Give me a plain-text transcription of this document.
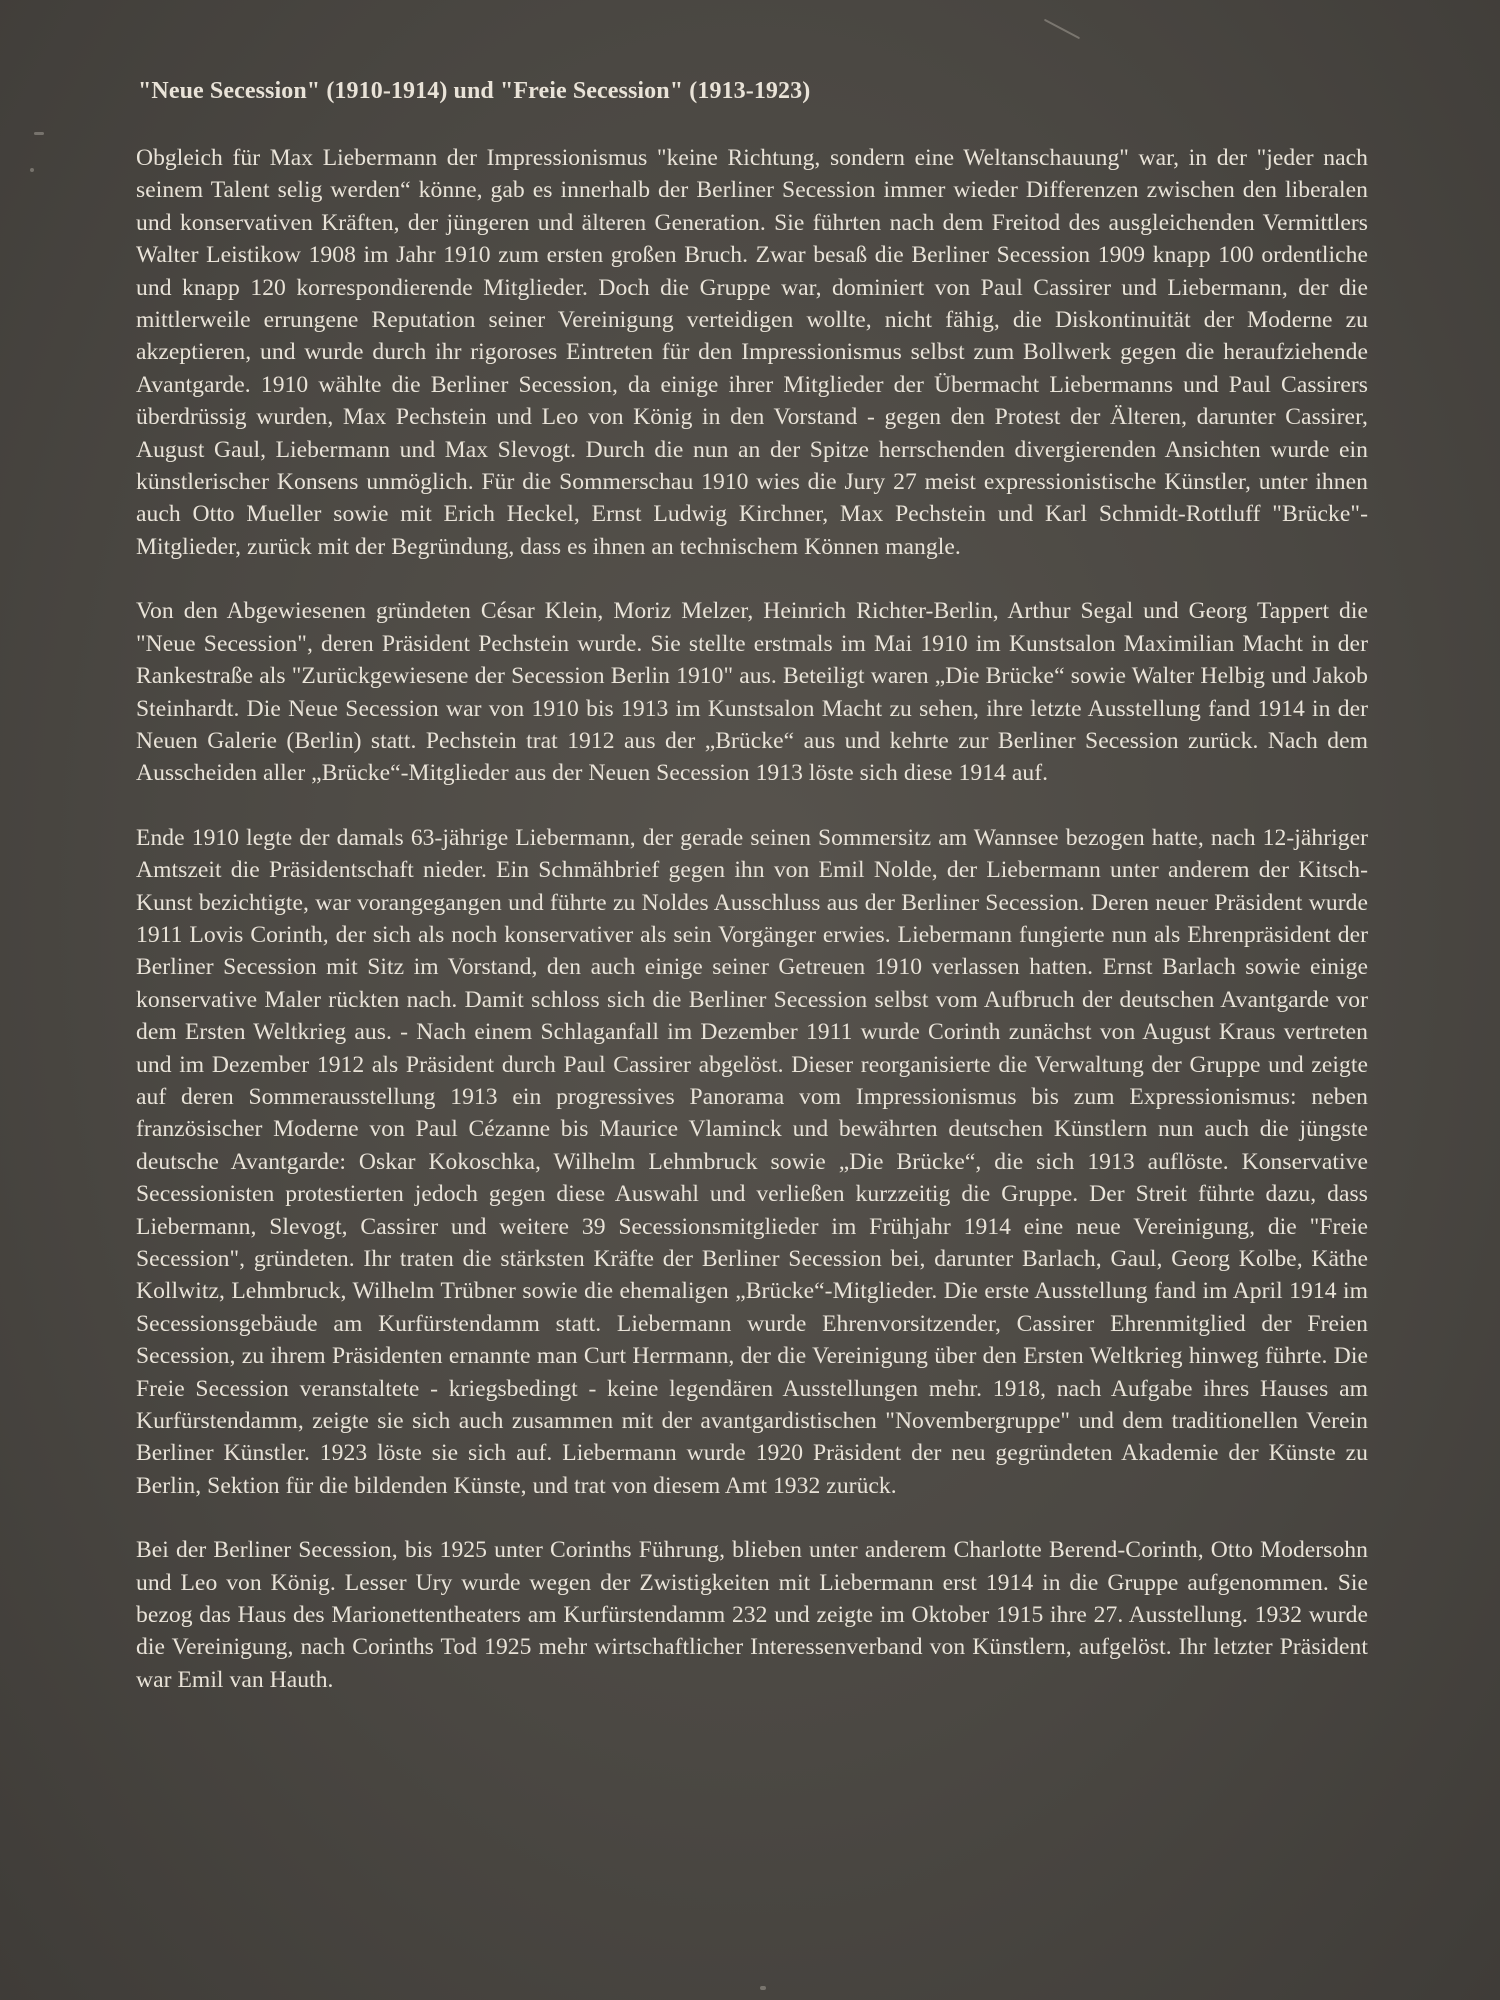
"Neue Secession" (1910-1914) und "Freie Secession" (1913-1923)

Obgleich für Max Liebermann der Impressionismus "keine Richtung, sondern eine Weltanschauung" war, in der "jeder nach seinem Talent selig werden“ könne, gab es innerhalb der Berliner Secession immer wieder Differenzen zwischen den liberalen und konservativen Kräften, der jüngeren und älteren Generation. Sie führten nach dem Freitod des ausgleichenden Vermittlers Walter Leistikow 1908 im Jahr 1910 zum ersten großen Bruch. Zwar besaß die Berliner Secession 1909 knapp 100 ordentliche und knapp 120 korrespondierende Mitglieder. Doch die Gruppe war, dominiert von Paul Cassirer und Liebermann, der die mittlerweile errungene Reputation seiner Vereinigung verteidigen wollte, nicht fähig, die Diskontinuität der Moderne zu akzeptieren, und wurde durch ihr rigoroses Eintreten für den Impressionismus selbst zum Bollwerk gegen die heraufziehende Avantgarde. 1910 wählte die Berliner Secession, da einige ihrer Mitglieder der Übermacht Liebermanns und Paul Cassirers überdrüssig wurden, Max Pechstein und Leo von König in den Vorstand - gegen den Protest der Älteren, darunter Cassirer, August Gaul, Liebermann und Max Slevogt. Durch die nun an der Spitze herrschenden divergierenden Ansichten wurde ein künstlerischer Konsens unmöglich. Für die Sommerschau 1910 wies die Jury 27 meist expressionistische Künstler, unter ihnen auch Otto Mueller sowie mit Erich Heckel, Ernst Ludwig Kirchner, Max Pechstein und Karl Schmidt-Rottluff "Brücke"-Mitglieder, zurück mit der Begründung, dass es ihnen an technischem Können mangle.

Von den Abgewiesenen gründeten César Klein, Moriz Melzer, Heinrich Richter-Berlin, Arthur Segal und Georg Tappert die "Neue Secession", deren Präsident Pechstein wurde. Sie stellte erstmals im Mai 1910 im Kunstsalon Maximilian Macht in der Rankestraße als "Zurückgewiesene der Secession Berlin 1910" aus. Beteiligt waren „Die Brücke“ sowie Walter Helbig und Jakob Steinhardt. Die Neue Secession war von 1910 bis 1913 im Kunstsalon Macht zu sehen, ihre letzte Ausstellung fand 1914 in der Neuen Galerie (Berlin) statt. Pechstein trat 1912 aus der „Brücke“ aus und kehrte zur Berliner Secession zurück. Nach dem Ausscheiden aller „Brücke“-Mitglieder aus der Neuen Secession 1913 löste sich diese 1914 auf.

Ende 1910 legte der damals 63-jährige Liebermann, der gerade seinen Sommersitz am Wannsee bezogen hatte, nach 12-jähriger Amtszeit die Präsidentschaft nieder. Ein Schmähbrief gegen ihn von Emil Nolde, der Liebermann unter anderem der Kitsch-Kunst bezichtigte, war vorangegangen und führte zu Noldes Ausschluss aus der Berliner Secession. Deren neuer Präsident wurde 1911 Lovis Corinth, der sich als noch konservativer als sein Vorgänger erwies. Liebermann fungierte nun als Ehrenpräsident der Berliner Secession mit Sitz im Vorstand, den auch einige seiner Getreuen 1910 verlassen hatten. Ernst Barlach sowie einige konservative Maler rückten nach. Damit schloss sich die Berliner Secession selbst vom Aufbruch der deutschen Avantgarde vor dem Ersten Weltkrieg aus. - Nach einem Schlaganfall im Dezember 1911 wurde Corinth zunächst von August Kraus vertreten und im Dezember 1912 als Präsident durch Paul Cassirer abgelöst. Dieser reorganisierte die Verwaltung der Gruppe und zeigte auf deren Sommerausstellung 1913 ein progressives Panorama vom Impressionismus bis zum Expressionismus: neben französischer Moderne von Paul Cézanne bis Maurice Vlaminck und bewährten deutschen Künstlern nun auch die jüngste deutsche Avantgarde: Oskar Kokoschka, Wilhelm Lehmbruck sowie „Die Brücke“, die sich 1913 auflöste. Konservative Secessionisten protestierten jedoch gegen diese Auswahl und verließen kurzzeitig die Gruppe. Der Streit führte dazu, dass Liebermann, Slevogt, Cassirer und weitere 39 Secessionsmitglieder im Frühjahr 1914 eine neue Vereinigung, die "Freie Secession", gründeten. Ihr traten die stärksten Kräfte der Berliner Secession bei, darunter Barlach, Gaul, Georg Kolbe, Käthe Kollwitz, Lehmbruck, Wilhelm Trübner sowie die ehemaligen „Brücke“-Mitglieder. Die erste Ausstellung fand im April 1914 im Secessionsgebäude am Kurfürstendamm statt. Liebermann wurde Ehrenvorsitzender, Cassirer Ehrenmitglied der Freien Secession, zu ihrem Präsidenten ernannte man Curt Herrmann, der die Vereinigung über den Ersten Weltkrieg hinweg führte. Die Freie Secession veranstaltete - kriegsbedingt - keine legendären Ausstellungen mehr. 1918, nach Aufgabe ihres Hauses am Kurfürstendamm, zeigte sie sich auch zusammen mit der avantgardistischen "Novembergruppe" und dem traditionellen Verein Berliner Künstler. 1923 löste sie sich auf. Liebermann wurde 1920 Präsident der neu gegründeten Akademie der Künste zu Berlin, Sektion für die bildenden Künste, und trat von diesem Amt 1932 zurück.

Bei der Berliner Secession, bis 1925 unter Corinths Führung, blieben unter anderem Charlotte Berend-Corinth, Otto Modersohn und Leo von König. Lesser Ury wurde wegen der Zwistigkeiten mit Liebermann erst 1914 in die Gruppe aufgenommen. Sie bezog das Haus des Marionettentheaters am Kurfürstendamm 232 und zeigte im Oktober 1915 ihre 27. Ausstellung. 1932 wurde die Vereinigung, nach Corinths Tod 1925 mehr wirtschaftlicher Interessenverband von Künstlern, aufgelöst. Ihr letzter Präsident war Emil van Hauth.
